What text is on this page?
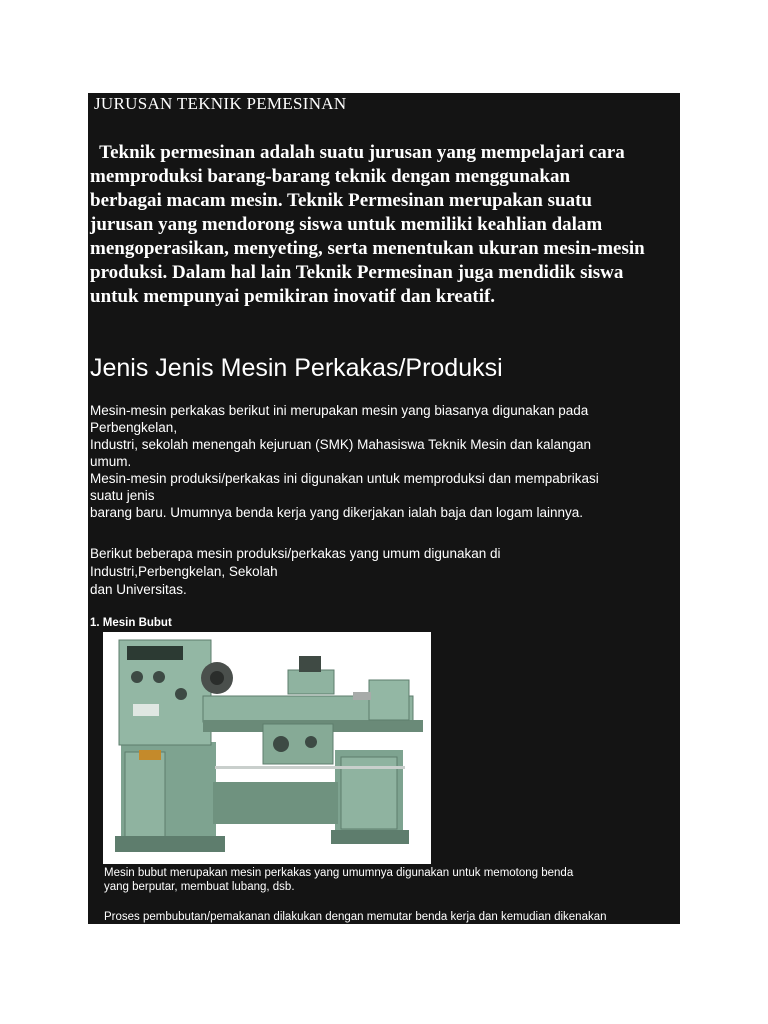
JURUSAN TEKNIK PEMESINAN
Teknik permesinan adalah suatu jurusan yang mempelajari cara
memproduksi barang-barang teknik dengan menggunakan
berbagai macam mesin. Teknik Permesinan merupakan suatu
jurusan yang mendorong siswa untuk memiliki keahlian dalam
mengoperasikan, menyeting, serta menentukan ukuran mesin-mesin
produksi. Dalam hal lain Teknik Permesinan juga mendidik siswa
untuk mempunyai pemikiran inovatif dan kreatif.
Jenis Jenis Mesin Perkakas/Produksi
Mesin-mesin perkakas berikut ini merupakan mesin yang biasanya digunakan pada
Perbengkelan,
Industri, sekolah menengah kejuruan (SMK) Mahasiswa Teknik Mesin dan kalangan
umum.
Mesin-mesin produksi/perkakas ini digunakan untuk memproduksi dan mempabrikasi
suatu jenis
barang baru. Umumnya benda kerja yang dikerjakan ialah baja dan logam lainnya.
Berikut beberapa mesin produksi/perkakas yang umum digunakan di
Industri,Perbengkelan, Sekolah
dan Universitas.
1. Mesin Bubut
Mesin bubut merupakan mesin perkakas yang umumnya digunakan untuk memotong benda
yang berputar, membuat lubang, dsb.
Proses pembubutan/pemakanan dilakukan dengan memutar benda kerja dan kemudian dikenakan
